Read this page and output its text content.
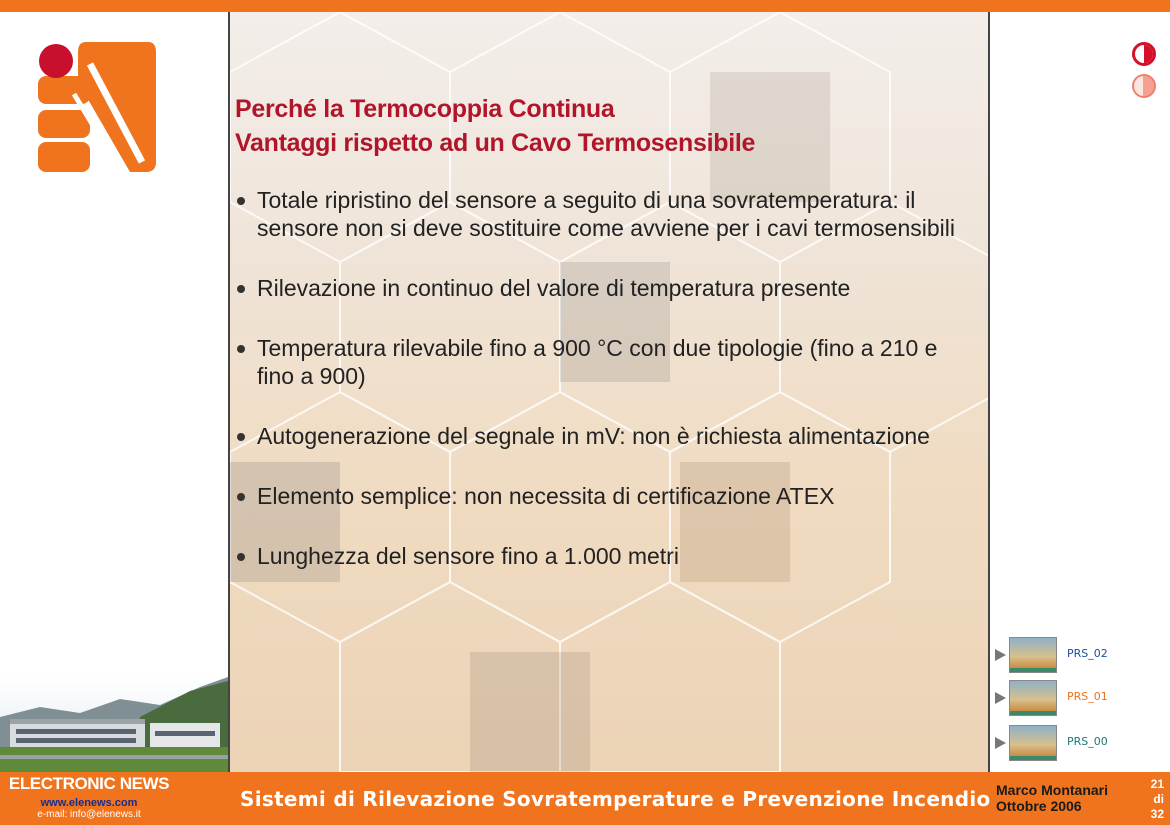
Perché la Termocoppia Continua
Vantaggi rispetto ad un Cavo Termosensibile
Totale ripristino del sensore a seguito di una sovratemperatura: il sensore non si deve sostituire come avviene per i cavi termosensibili
Rilevazione in continuo del valore di temperatura presente
Temperatura rilevabile fino a 900 °C con due tipologie (fino a 210 e fino a 900)
Autogenerazione del segnale in mV: non è richiesta alimentazione
Elemento semplice: non necessita di certificazione ATEX
Lunghezza del sensore fino a 1.000 metri
PRS_02
PRS_01
PRS_00
ELECTRONIC NEWS
www.elenews.com
e-mail: info@elenews.it
Sistemi di Rilevazione Sovratemperature e Prevenzione Incendio Marco Montanari
Ottobre 2006
21
di
32
